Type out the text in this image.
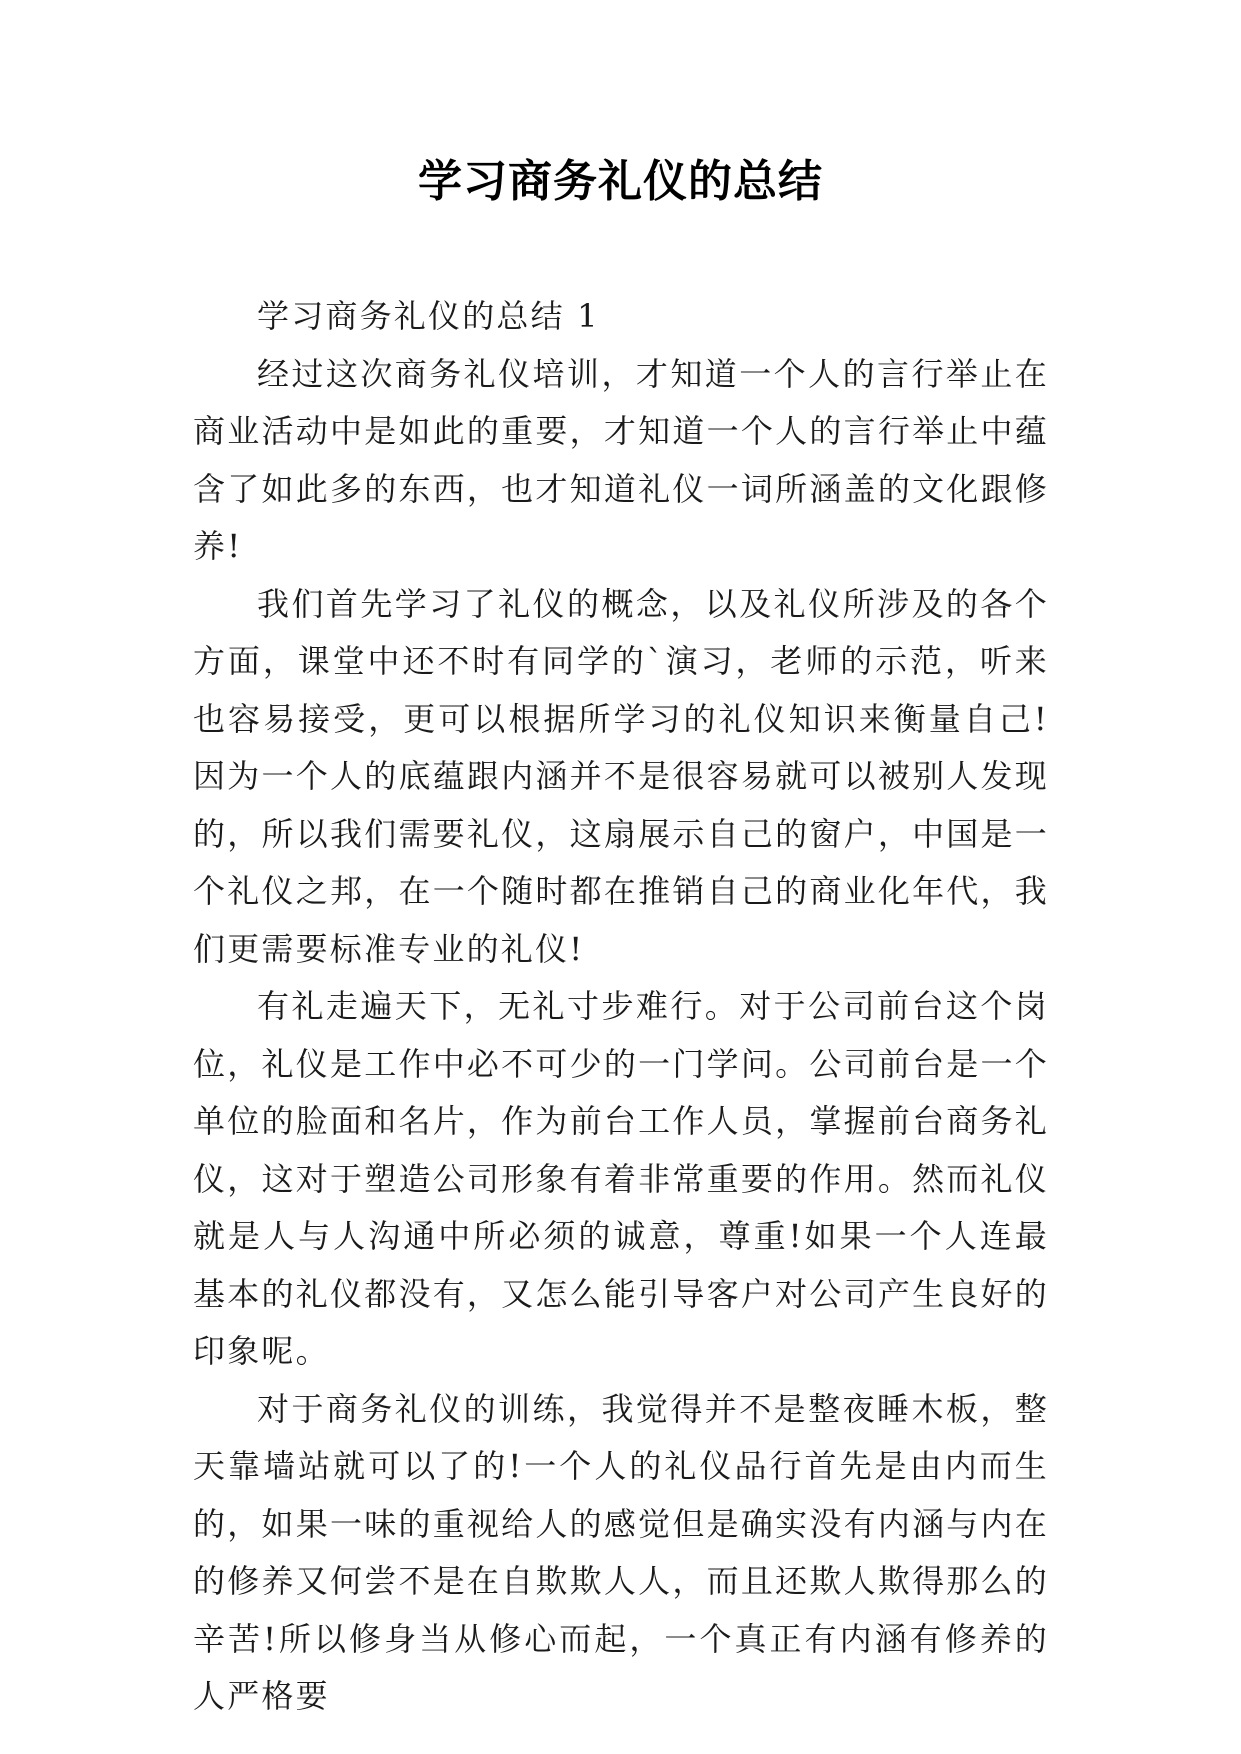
学习商务礼仪的总结

学习商务礼仪的总结 1

经过这次商务礼仪培训，才知道一个人的言行举止在商业活动中是如此的重要，才知道一个人的言行举止中蕴含了如此多的东西，也才知道礼仪一词所涵盖的文化跟修养!

我们首先学习了礼仪的概念，以及礼仪所涉及的各个方面，课堂中还不时有同学的`演习，老师的示范，听来也容易接受，更可以根据所学习的礼仪知识来衡量自己!因为一个人的底蕴跟内涵并不是很容易就可以被别人发现的，所以我们需要礼仪，这扇展示自己的窗户，中国是一个礼仪之邦，在一个随时都在推销自己的商业化年代，我们更需要标准专业的礼仪!

有礼走遍天下，无礼寸步难行。对于公司前台这个岗位，礼仪是工作中必不可少的一门学问。公司前台是一个单位的脸面和名片，作为前台工作人员，掌握前台商务礼仪，这对于塑造公司形象有着非常重要的作用。然而礼仪就是人与人沟通中所必须的诚意，尊重!如果一个人连最基本的礼仪都没有，又怎么能引导客户对公司产生良好的印象呢。

对于商务礼仪的训练，我觉得并不是整夜睡木板，整天靠墙站就可以了的!一个人的礼仪品行首先是由内而生的，如果一味的重视给人的感觉但是确实没有内涵与内在的修养又何尝不是在自欺欺人人，而且还欺人欺得那么的辛苦!所以修身当从修心而起，一个真正有内涵有修养的人严格要
